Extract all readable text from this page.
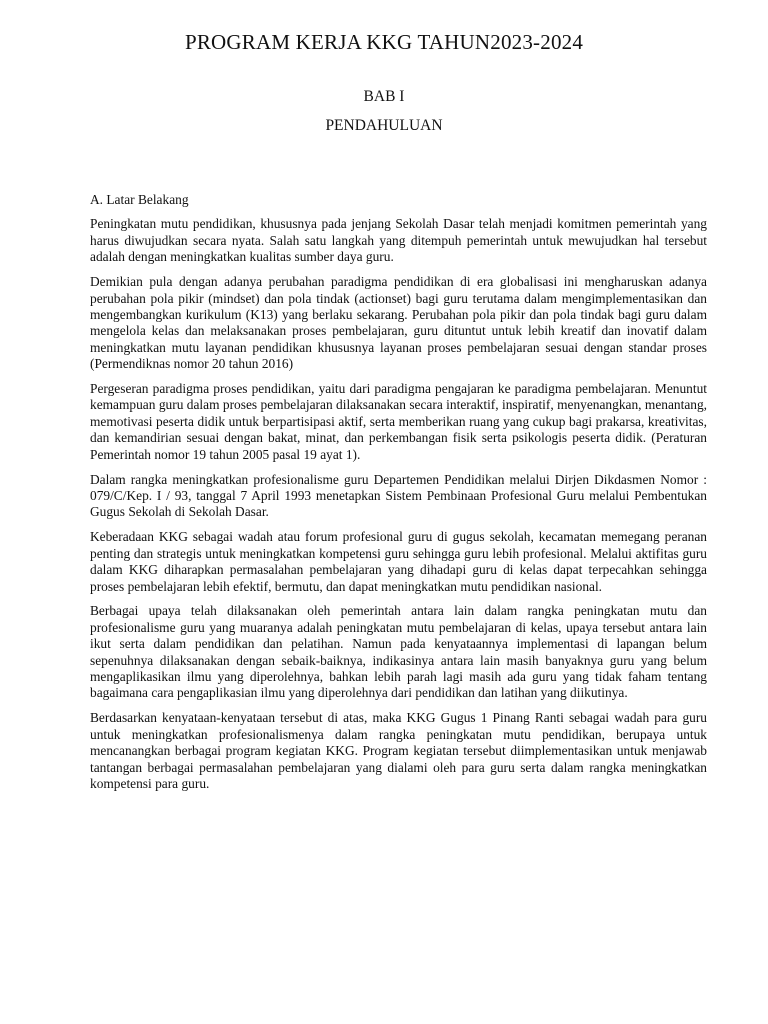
PROGRAM KERJA KKG TAHUN2023-2024
BAB I
PENDAHULUAN
A. Latar Belakang

Peningkatan mutu pendidikan, khususnya pada jenjang Sekolah Dasar telah menjadi komitmen pemerintah yang harus diwujudkan secara nyata. Salah satu langkah yang ditempuh pemerintah untuk mewujudkan hal tersebut adalah dengan meningkatkan kualitas sumber daya guru.

Demikian pula dengan adanya perubahan paradigma pendidikan di era globalisasi ini mengharuskan adanya perubahan pola pikir (mindset) dan pola tindak (actionset) bagi guru terutama dalam mengimplementasikan dan mengembangkan kurikulum (K13) yang berlaku sekarang. Perubahan pola pikir dan pola tindak bagi guru dalam mengelola kelas dan melaksanakan proses pembelajaran, guru dituntut untuk lebih kreatif dan inovatif dalam meningkatkan mutu layanan pendidikan khususnya layanan proses pembelajaran sesuai dengan standar proses (Permendiknas nomor 20 tahun 2016)

Pergeseran paradigma proses pendidikan, yaitu dari paradigma pengajaran ke paradigma pembelajaran. Menuntut kemampuan guru dalam proses pembelajaran dilaksanakan secara interaktif, inspiratif, menyenangkan, menantang, memotivasi peserta didik untuk berpartisipasi aktif, serta memberikan ruang yang cukup bagi prakarsa, kreativitas, dan kemandirian sesuai dengan bakat, minat, dan perkembangan fisik serta psikologis peserta didik. (Peraturan Pemerintah nomor 19 tahun 2005 pasal 19 ayat 1).

Dalam rangka meningkatkan profesionalisme guru Departemen Pendidikan melalui Dirjen Dikdasmen Nomor : 079/C/Kep. I / 93, tanggal 7 April 1993 menetapkan Sistem Pembinaan Profesional Guru melalui Pembentukan Gugus Sekolah di Sekolah Dasar.

Keberadaan KKG sebagai wadah atau forum profesional guru di gugus sekolah, kecamatan memegang peranan penting dan strategis untuk meningkatkan kompetensi guru sehingga guru lebih profesional. Melalui aktifitas guru dalam KKG diharapkan permasalahan pembelajaran yang dihadapi guru di kelas dapat terpecahkan sehingga proses pembelajaran lebih efektif, bermutu, dan dapat meningkatkan mutu pendidikan nasional.

Berbagai upaya telah dilaksanakan oleh pemerintah antara lain dalam rangka peningkatan mutu dan profesionalisme guru yang muaranya adalah peningkatan mutu pembelajaran di kelas, upaya tersebut antara lain ikut serta dalam pendidikan dan pelatihan. Namun pada kenyataannya implementasi di lapangan belum sepenuhnya dilaksanakan dengan sebaik-baiknya, indikasinya antara lain masih banyaknya guru yang belum mengaplikasikan ilmu yang diperolehnya, bahkan lebih parah lagi masih ada guru yang tidak faham tentang bagaimana cara pengaplikasian ilmu yang diperolehnya dari pendidikan dan latihan yang diikutinya.

Berdasarkan kenyataan-kenyataan tersebut di atas, maka KKG Gugus 1 Pinang Ranti sebagai wadah para guru untuk meningkatkan profesionalismenya dalam rangka peningkatan mutu pendidikan, berupaya untuk mencanangkan berbagai program kegiatan KKG. Program kegiatan tersebut diimplementasikan untuk menjawab tantangan berbagai permasalahan pembelajaran yang dialami oleh para guru serta dalam rangka meningkatkan kompetensi para guru.
